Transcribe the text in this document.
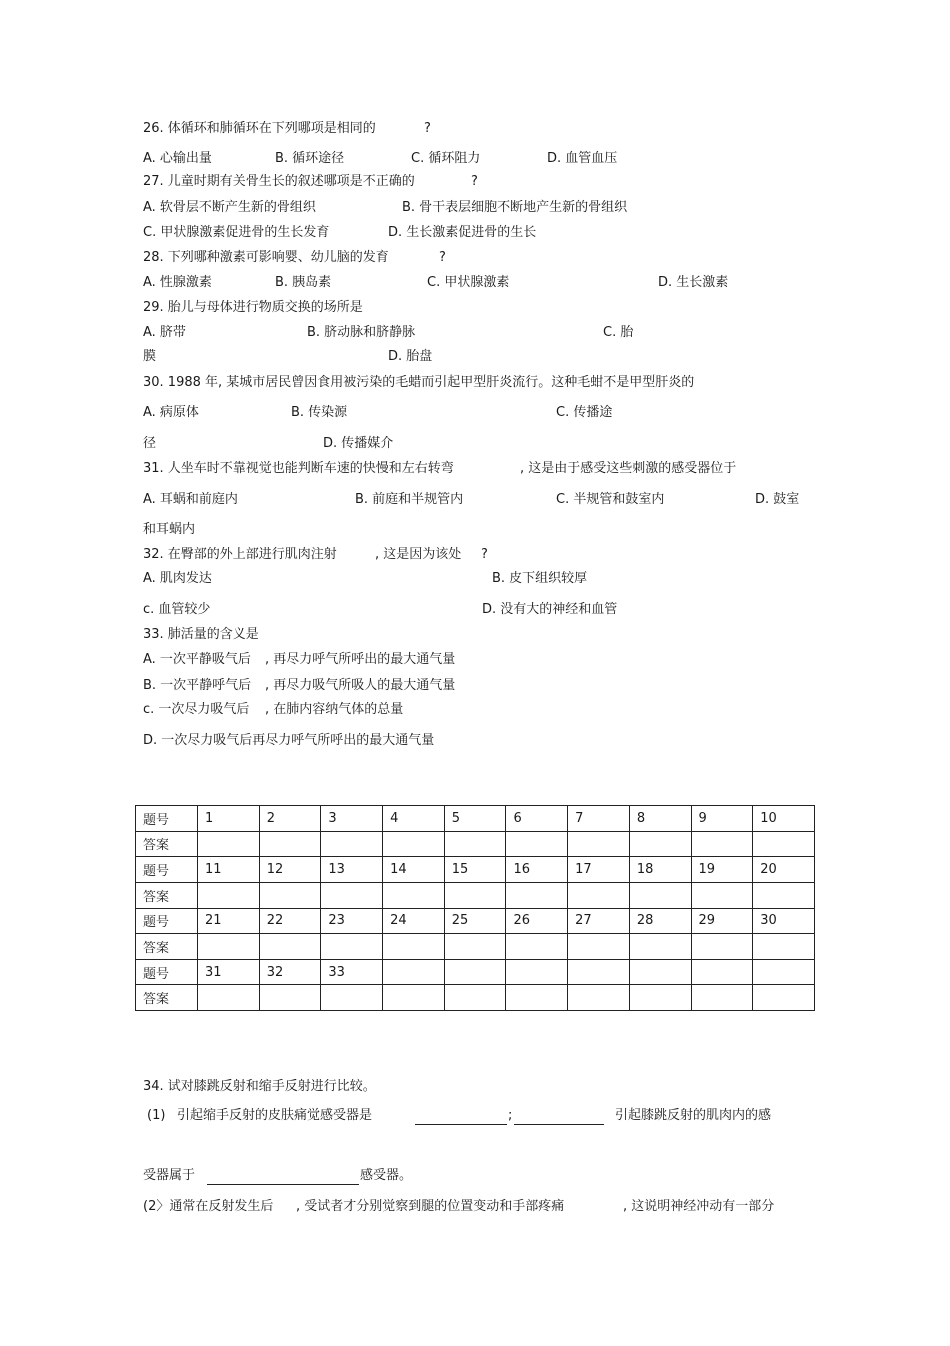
26. 体循环和肺循环在下列哪项是相同的	?
A. 心输出量	B. 循环途径	C. 循环阻力	D. 血管血压
27. 儿童时期有关骨生长的叙述哪项是不正确的	?
A. 软骨层不断产生新的骨组织	B. 骨干表层细胞不断地产生新的骨组织
C. 甲状腺激素促进骨的生长发育	D. 生长激素促进骨的生长
28. 下列哪种激素可影响婴、幼儿脑的发育	?
A. 性腺激素	B. 胰岛素	C. 甲状腺激素	D. 生长激素
29. 胎儿与母体进行物质交换的场所是
A. 脐带	B. 脐动脉和脐静脉	C. 胎
膜	D. 胎盘
30. 1988 年, 某城市居民曾因食用被污染的毛蜡而引起甲型肝炎流行。这种毛蚶不是甲型肝炎的
A. 病原体	B. 传染源	C. 传播途
径	D. 传播媒介
31. 人坐车时不靠视觉也能判断车速的快慢和左右转弯	, 这是由于感受这些刺激的感受器位于
A. 耳蜗和前庭内	B. 前庭和半规管内	C. 半规管和鼓室内	D. 鼓室
和耳蜗内
32. 在臀部的外上部进行肌肉注射	, 这是因为该处 ?
A. 肌肉发达	B. 皮下组织较厚
c. 血管较少	D. 没有大的神经和血管
33. 肺活量的含义是
A. 一次平静吸气后 , 再尽力呼气所呼出的最大通气量
B. 一次平静呼气后 , 再尽力吸气所吸人的最大通气量
c. 一次尽力吸气后 , 在肺内容纳气体的总量
D. 一次尽力吸气后再尽力呼气所呼出的最大通气量
题号	1	2	3	4	5	6	7	8	9	10
答案										
题号	11	12	13	14	15	16	17	18	19	20
答案										
题号	21	22	23	24	25	26	27	28	29	30
答案										
题号	31	32	33							
答案										
34. 试对膝跳反射和缩手反射进行比较。
(1) 引起缩手反射的皮肤痛觉感受器是	;	引起膝跳反射的肌肉内的感
受器属于	感受器。
(2〉通常在反射发生后 , 受试者才分别觉察到腿的位置变动和手部疼痛	, 这说明神经冲动有一部分
